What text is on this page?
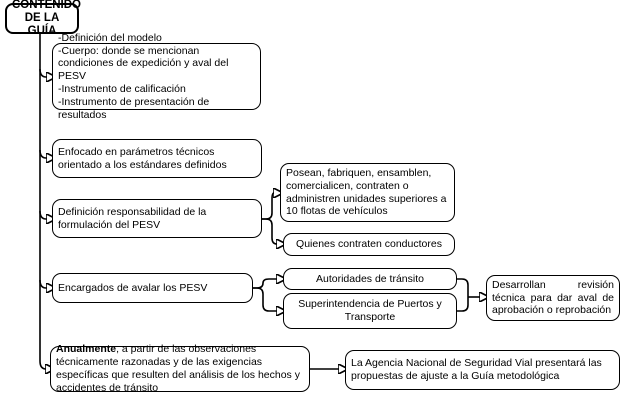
CONTENIDO
DE LA GUÍA
-Definición del modelo
-Cuerpo: donde se mencionan condiciones de expedición y aval del PESV
-Instrumento de calificación
-Instrumento de presentación de resultados
Enfocado en parámetros técnicos orientado a los estándares definidos
Definición responsabilidad de la formulación del PESV
Posean, fabriquen, ensamblen, comercialicen, contraten o administren unidades superiores a 10 flotas de vehículos
Quienes contraten conductores
Encargados de avalar los PESV
Autoridades de tránsito
Superintendencia de Puertos y Transporte
Desarrollan revisión técnica para dar aval de aprobación o reprobación
Anualmente, a partir de las observaciones técnicamente razonadas y de las exigencias específicas que resulten del análisis de los hechos y accidentes de tránsito
La Agencia Nacional de Seguridad Vial presentará las propuestas de ajuste a la Guía metodológica
